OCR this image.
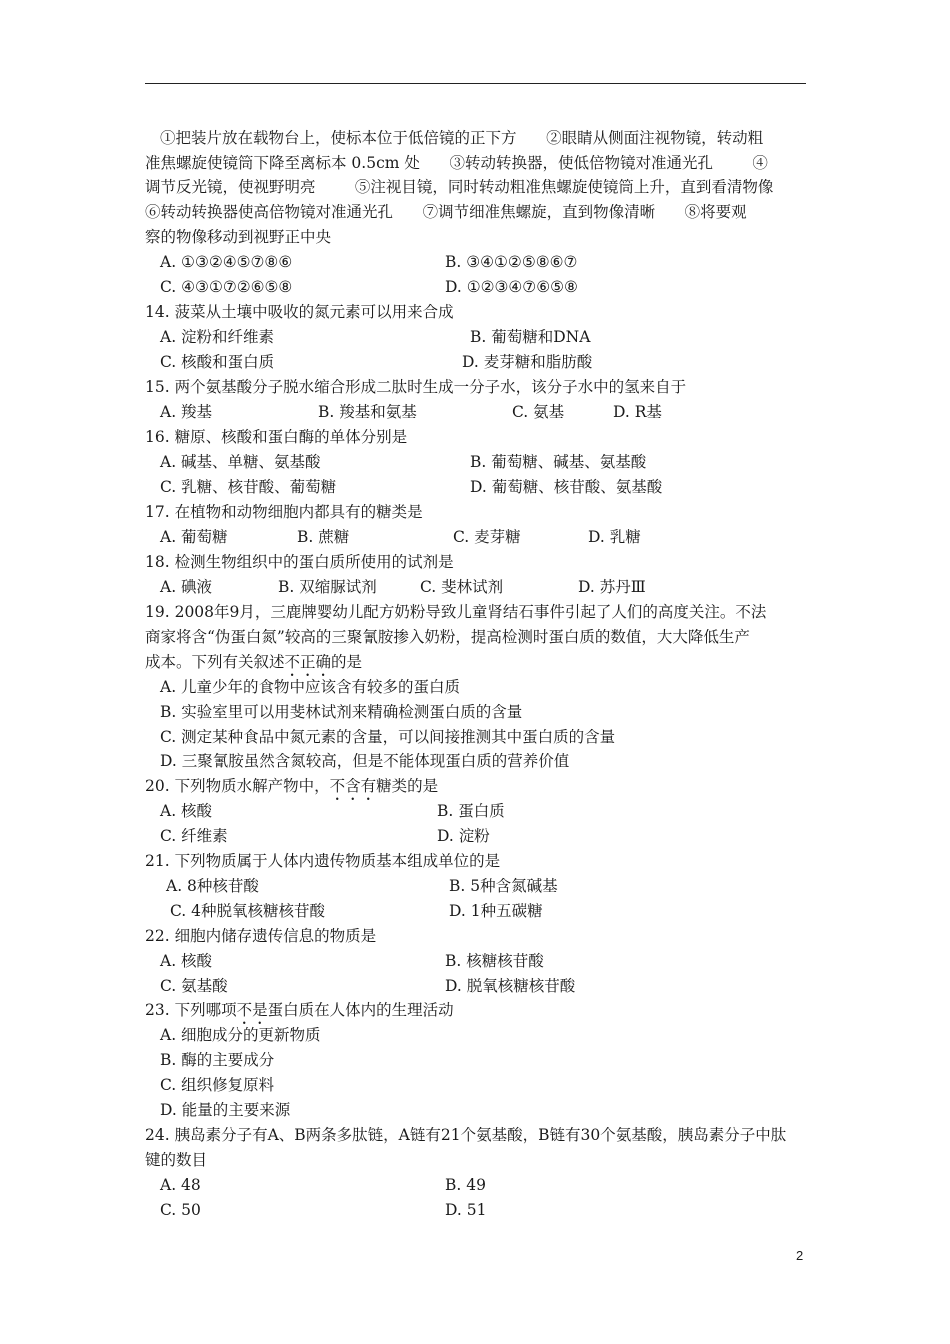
①把装片放在载物台上，使标本位于低倍镜的正下方      ②眼睛从侧面注视物镜，转动粗
准焦螺旋使镜筒下降至离标本 0.5cm 处      ③转动转换器，使低倍物镜对准通光孔        ④
调节反光镜，使视野明亮        ⑤注视目镜，同时转动粗准焦螺旋使镜筒上升，直到看清物像
⑥转动转换器使高倍物镜对准通光孔      ⑦调节细准焦螺旋，直到物像清晰      ⑧将要观
察的物像移动到视野正中央
A. ①③②④⑤⑦⑧⑥	B. ③④①②⑤⑧⑥⑦
C. ④③①⑦②⑥⑤⑧	D. ①②③④⑦⑥⑤⑧
14. 菠菜从土壤中吸收的氮元素可以用来合成
A. 淀粉和纤维素	B. 葡萄糖和DNA
C. 核酸和蛋白质	D. 麦芽糖和脂肪酸
15. 两个氨基酸分子脱水缩合形成二肽时生成一分子水，该分子水中的氢来自于
A. 羧基	B. 羧基和氨基	C. 氨基	D. R基
16. 糖原、核酸和蛋白酶的单体分别是
A. 碱基、单糖、氨基酸	B. 葡萄糖、碱基、氨基酸
C. 乳糖、核苷酸、葡萄糖	D. 葡萄糖、核苷酸、氨基酸
17. 在植物和动物细胞内都具有的糖类是
A. 葡萄糖	B. 蔗糖	C. 麦芽糖	D. 乳糖
18. 检测生物组织中的蛋白质所使用的试剂是
A. 碘液	B. 双缩脲试剂	C. 斐林试剂	D. 苏丹Ⅲ
19. 2008年9月，三鹿牌婴幼儿配方奶粉导致儿童肾结石事件引起了人们的高度关注。不法
商家将含“伪蛋白氮”较高的三聚氰胺掺入奶粉，提高检测时蛋白质的数值，大大降低生产
成本。下列有关叙述不正确的是
A. 儿童少年的食物中应该含有较多的蛋白质
B. 实验室里可以用斐林试剂来精确检测蛋白质的含量
C. 测定某种食品中氮元素的含量，可以间接推测其中蛋白质的含量
D. 三聚氰胺虽然含氮较高，但是不能体现蛋白质的营养价值
20. 下列物质水解产物中，不含有糖类的是
A. 核酸	B. 蛋白质
C. 纤维素	D. 淀粉
21. 下列物质属于人体内遗传物质基本组成单位的是
A. 8种核苷酸	B. 5种含氮碱基
C. 4种脱氧核糖核苷酸	D. 1种五碳糖
22. 细胞内储存遗传信息的物质是
A. 核酸	B. 核糖核苷酸
C. 氨基酸	D. 脱氧核糖核苷酸
23. 下列哪项不是蛋白质在人体内的生理活动
A. 细胞成分的更新物质
B. 酶的主要成分
C. 组织修复原料
D. 能量的主要来源
24. 胰岛素分子有A、B两条多肽链，A链有21个氨基酸，B链有30个氨基酸，胰岛素分子中肽
键的数目
A. 48	B. 49
C. 50	D. 51
2
